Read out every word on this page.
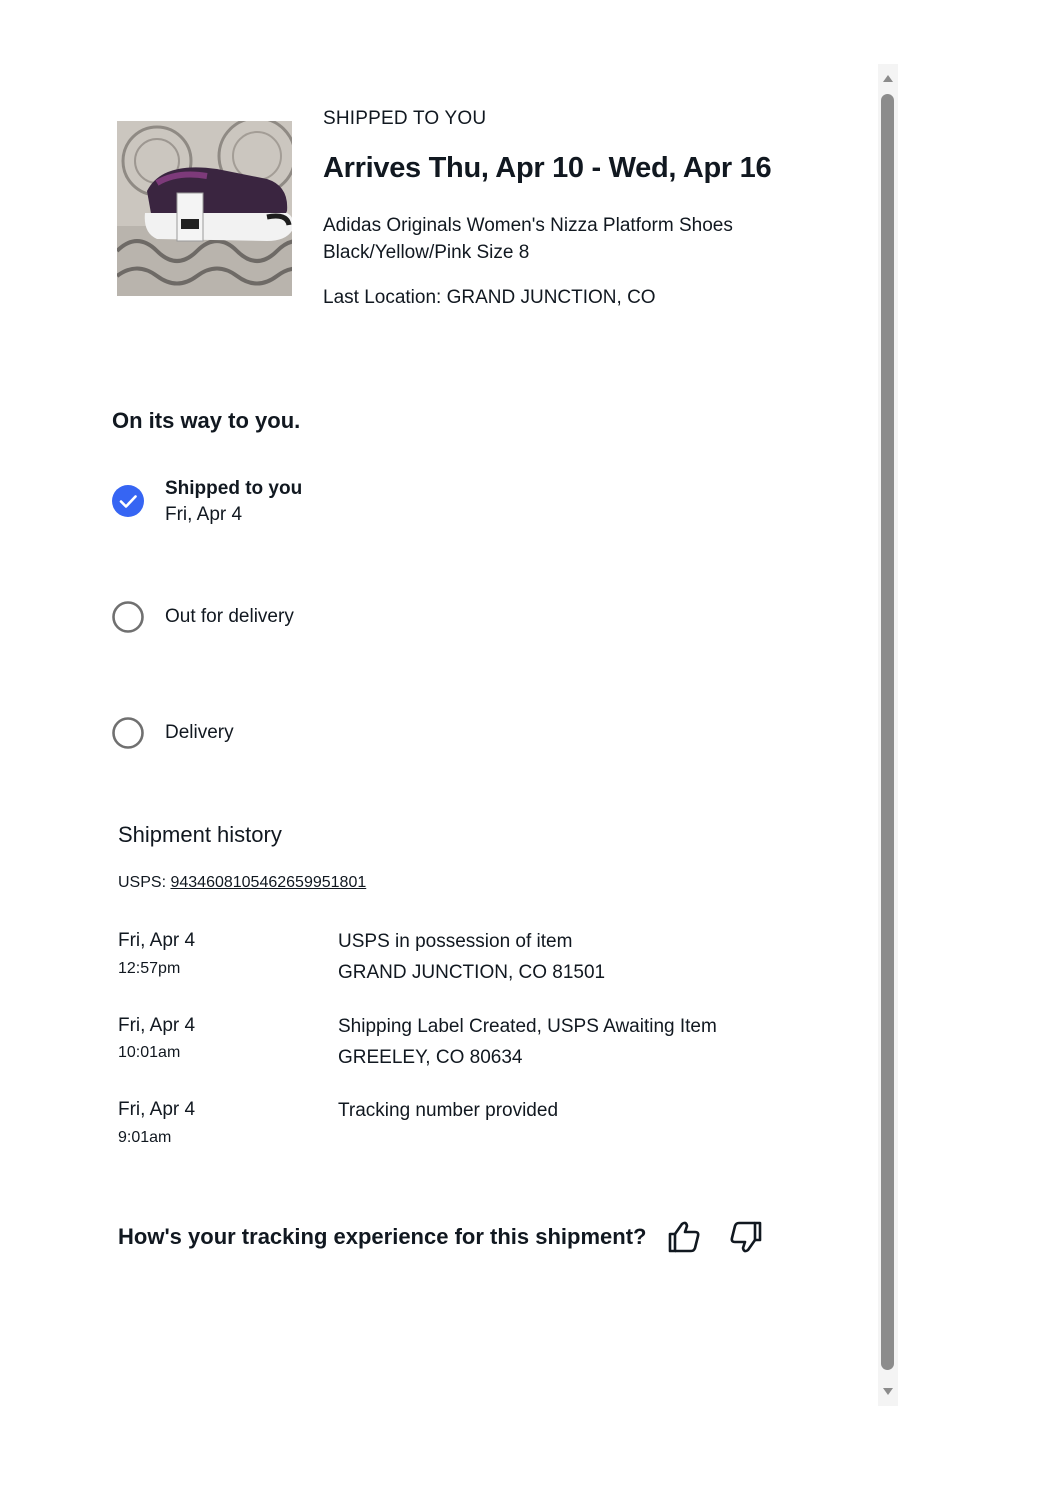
SHIPPED TO YOU
Arrives Thu, Apr 10 - Wed, Apr 16
Adidas Originals Women's Nizza Platform Shoes
Black/Yellow/Pink Size 8
Last Location: GRAND JUNCTION, CO
On its way to you.
Shipped to you
Fri, Apr 4
Out for delivery
Delivery
Shipment history
USPS: 9434608105462659951801
Fri, Apr 4
12:57pm
USPS in possession of item
GRAND JUNCTION, CO 81501
Fri, Apr 4
10:01am
Shipping Label Created, USPS Awaiting Item
GREELEY, CO 80634
Fri, Apr 4
9:01am
Tracking number provided
How's your tracking experience for this shipment?
